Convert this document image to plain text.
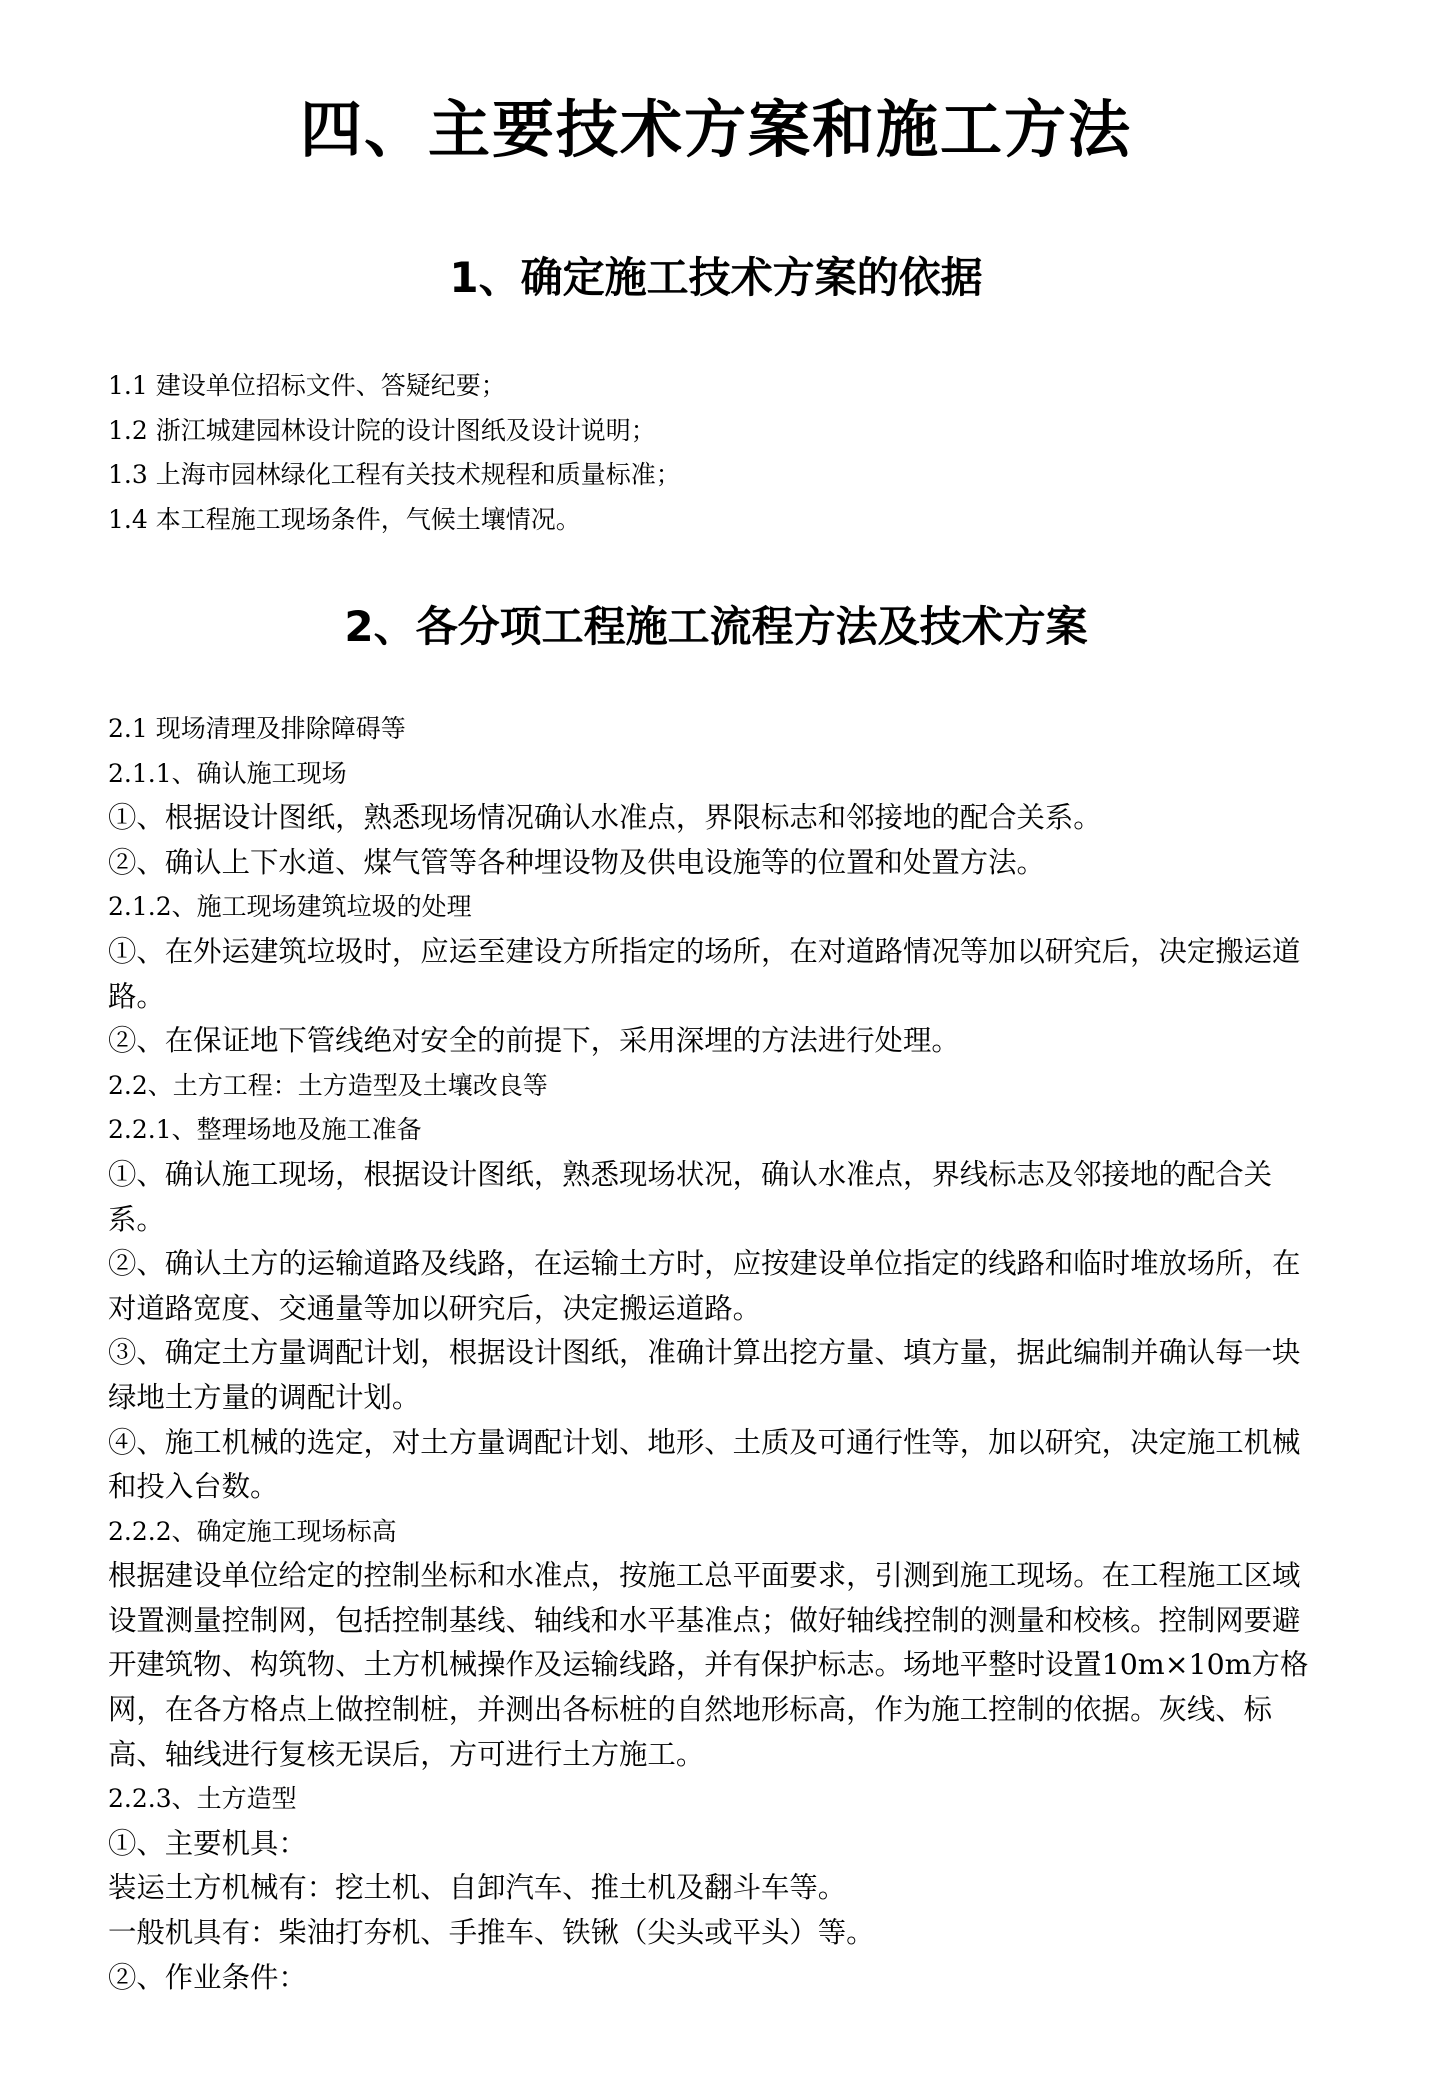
四、主要技术方案和施工方法
1、确定施工技术方案的依据
1.1 建设单位招标文件、答疑纪要；
1.2 浙江城建园林设计院的设计图纸及设计说明；
1.3 上海市园林绿化工程有关技术规程和质量标准；
1.4 本工程施工现场条件，气候土壤情况。
2、各分项工程施工流程方法及技术方案

2.1 现场清理及排除障碍等

2.1.1、确认施工现场

①、根据设计图纸，熟悉现场情况确认水准点，界限标志和邻接地的配合关系。

②、确认上下水道、煤气管等各种埋设物及供电设施等的位置和处置方法。

2.1.2、施工现场建筑垃圾的处理

①、在外运建筑垃圾时，应运至建设方所指定的场所，在对道路情况等加以研究后，决定搬运道路。

②、在保证地下管线绝对安全的前提下，采用深埋的方法进行处理。

2.2、土方工程：土方造型及土壤改良等

2.2.1、整理场地及施工准备

①、确认施工现场，根据设计图纸，熟悉现场状况，确认水准点，界线标志及邻接地的配合关系。

②、确认土方的运输道路及线路，在运输土方时，应按建设单位指定的线路和临时堆放场所，在对道路宽度、交通量等加以研究后，决定搬运道路。

③、确定土方量调配计划，根据设计图纸，准确计算出挖方量、填方量，据此编制并确认每一块绿地土方量的调配计划。

④、施工机械的选定，对土方量调配计划、地形、土质及可通行性等，加以研究，决定施工机械和投入台数。

2.2.2、确定施工现场标高

根据建设单位给定的控制坐标和水准点，按施工总平面要求，引测到施工现场。在工程施工区域设置测量控制网，包括控制基线、轴线和水平基准点；做好轴线控制的测量和校核。控制网要避开建筑物、构筑物、土方机械操作及运输线路，并有保护标志。场地平整时设置10m×10m方格网，在各方格点上做控制桩，并测出各标桩的自然地形标高，作为施工控制的依据。灰线、标高、轴线进行复核无误后，方可进行土方施工。

2.2.3、土方造型

①、主要机具：

装运土方机械有：挖土机、自卸汽车、推土机及翻斗车等。

一般机具有：柴油打夯机、手推车、铁锹（尖头或平头）等。

②、作业条件：
